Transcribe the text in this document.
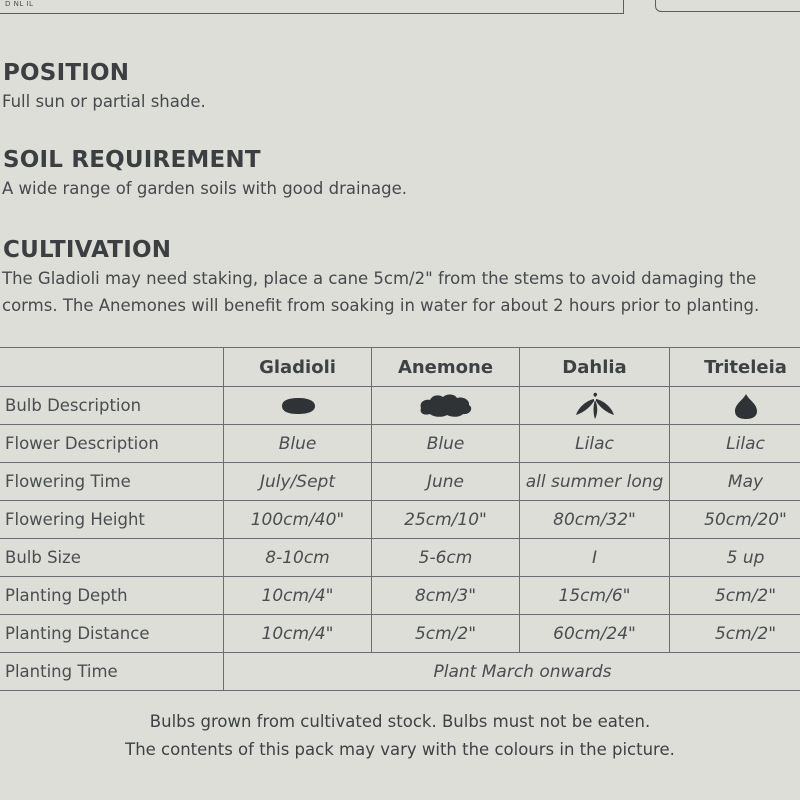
D NL IL
POSITION

Full sun or partial shade.

SOIL REQUIREMENT

A wide range of garden soils with good drainage.

CULTIVATION

The Gladioli may need staking, place a cane 5cm/2" from the stems to avoid damaging the
corms. The Anemones will benefit from soaking in water for about 2 hours prior to planting.

	Gladioli	Anemone	Dahlia	Triteleia
Bulb Description				
Flower Description	Blue	Blue	Lilac	Lilac
Flowering Time	July/Sept	June	all summer long	May
Flowering Height	100cm/40"	25cm/10"	80cm/32"	50cm/20"
Bulb Size	8-10cm	5-6cm	I	5 up
Planting Depth	10cm/4"	8cm/3"	15cm/6"	5cm/2"
Planting Distance	10cm/4"	5cm/2"	60cm/24"	5cm/2"
Planting Time	Plant March onwards			

Bulbs grown from cultivated stock. Bulbs must not be eaten.

The contents of this pack may vary with the colours in the picture.
